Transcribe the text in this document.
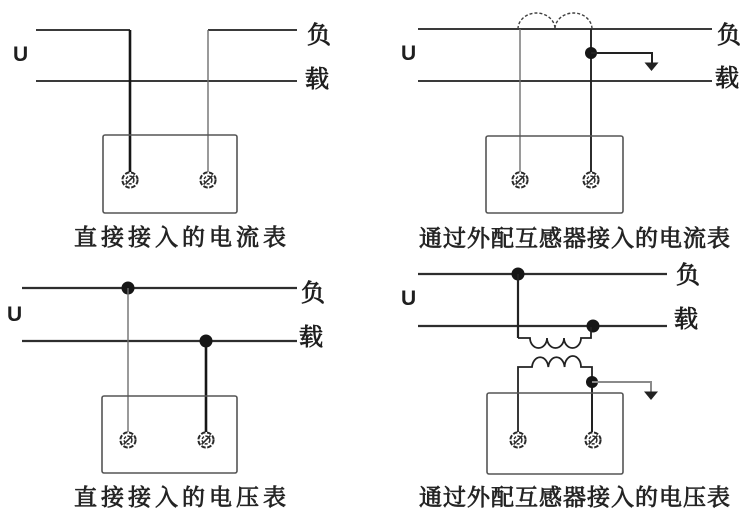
U
负
载
直接接入的电流表
U
负
载
通过外配互感器接入的电流表
U
负
载
直接接入的电压表
U
负
载
通过外配互感器接入的电压表
